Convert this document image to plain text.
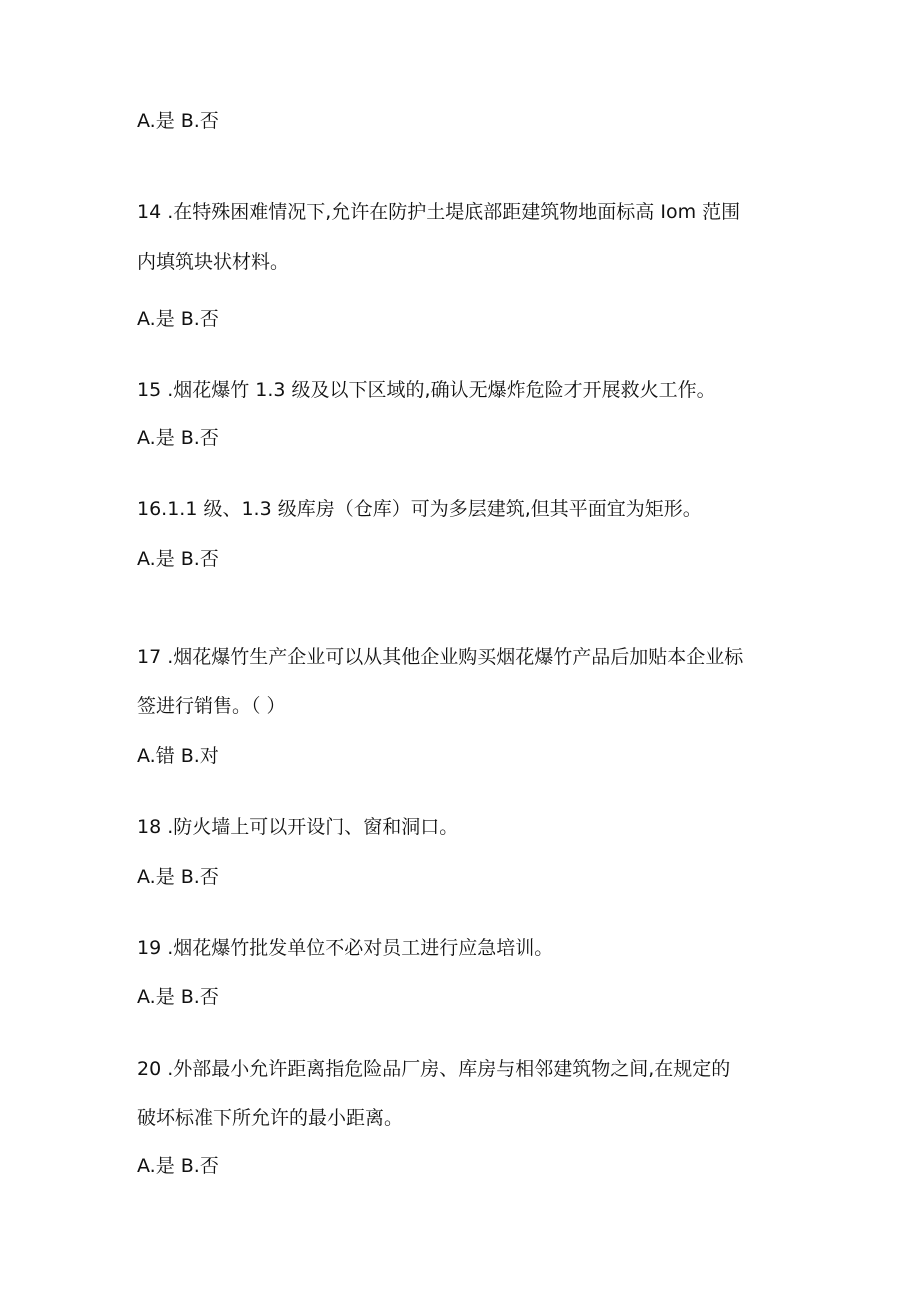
A.是 B.否
14 .在特殊困难情况下,允许在防护土堤底部距建筑物地面标高 Iom 范围
内填筑块状材料。
A.是 B.否
15 .烟花爆竹 1.3 级及以下区域的,确认无爆炸危险才开展救火工作。
A.是 B.否
16.1.1 级、1.3 级库房（仓库）可为多层建筑,但其平面宜为矩形。
A.是 B.否
17 .烟花爆竹生产企业可以从其他企业购买烟花爆竹产品后加贴本企业标
签进行销售。（ ）
A.错 B.对
18 .防火墙上可以开设门、窗和洞口。
A.是 B.否
19 .烟花爆竹批发单位不必对员工进行应急培训。
A.是 B.否
20 .外部最小允许距离指危险品厂房、库房与相邻建筑物之间,在规定的
破坏标准下所允许的最小距离。
A.是 B.否
